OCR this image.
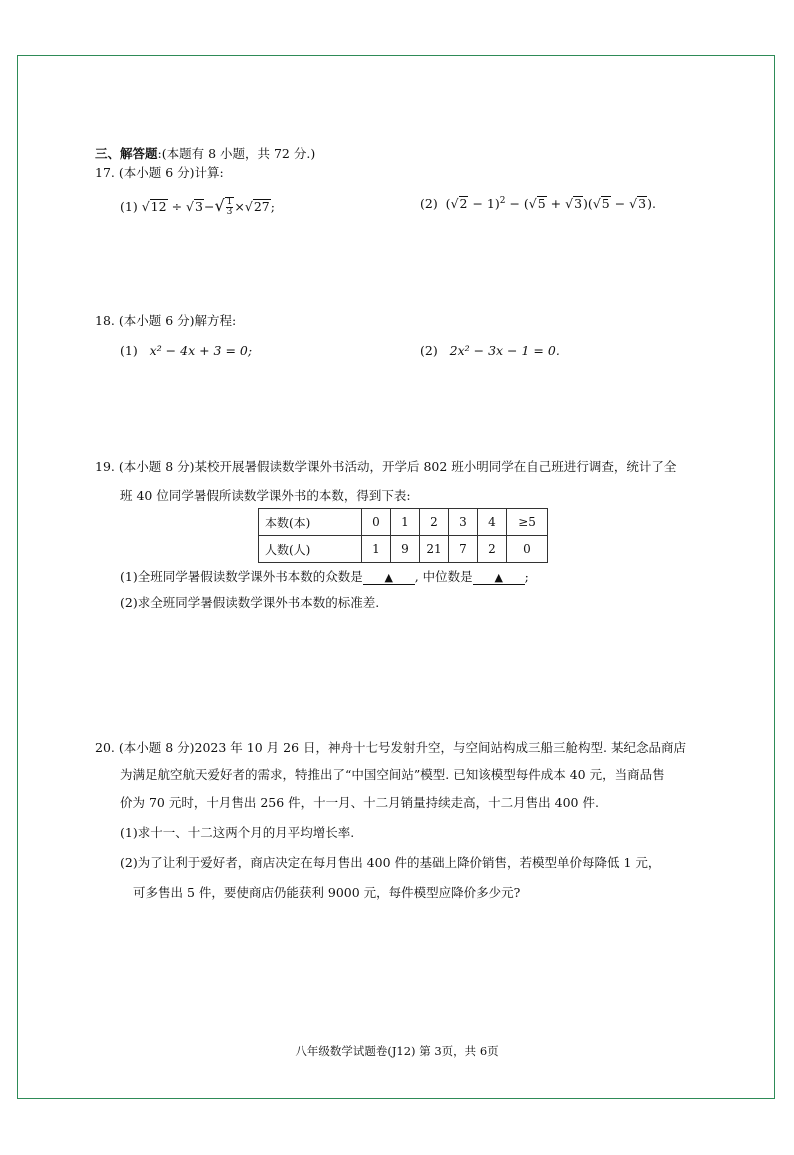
三、解答题:(本题有 8 小题，共 72 分.)
17. (本小题 6 分)计算:
(1) $√12 \div √3-√ \frac{1}{3} \times√27$;	(2) $(√2 - 1)^2 - (√5 + √3)(√5 - √3)$.
18. (本小题 6 分)解方程:
(1) x² − 4x + 3 = 0;	(2) 2x² − 3x − 1 = 0.
19. (本小题 8 分)某校开展暑假读数学课外书活动，开学后 802 班小明同学在自己班进行调查，统计了全
班 40 位同学暑假所读数学课外书的本数，得到下表:
本数(本)	0	1	2	3	4	≥5
人数(人)	1	9	21	7	2	0
(1)全班同学暑假读数学课外书本数的众数是 ▲ , 中位数是 ▲ ;
(2)求全班同学暑假读数学课外书本数的标准差.
20. (本小题 8 分)2023 年 10 月 26 日，神舟十七号发射升空，与空间站构成三船三舱构型. 某纪念品商店
为满足航空航天爱好者的需求，特推出了“中国空间站”模型. 已知该模型每件成本 40 元，当商品售
价为 70 元时，十月售出 256 件，十一月、十二月销量持续走高，十二月售出 400 件.
(1)求十一、十二这两个月的月平均增长率.
(2)为了让利于爱好者，商店决定在每月售出 400 件的基础上降价销售，若模型单价每降低 1 元，
可多售出 5 件，要使商店仍能获利 9000 元，每件模型应降价多少元?
八年级数学试题卷(J12) 第 3页，共 6页
